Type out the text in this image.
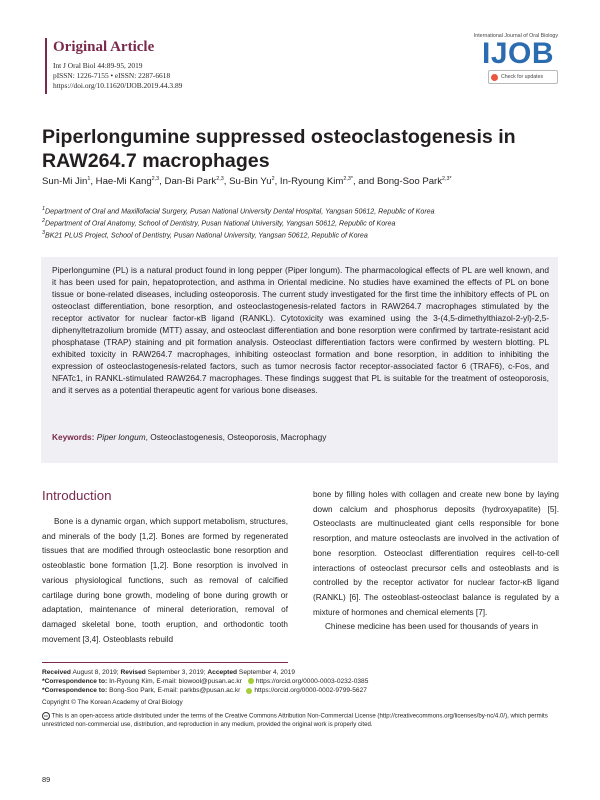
Original Article
Int J Oral Biol 44:89-95, 2019
pISSN: 1226-7155 • eISSN: 2287-6618
https://doi.org/10.11620/IJOB.2019.44.3.89
International Journal of Oral Biology
IJOB
Check for updates
Piperlongumine suppressed osteoclastogenesis in RAW264.7 macrophages
Sun-Mi Jin$^1$, Hae-Mi Kang$^{2,3}$, Dan-Bi Park$^{2,3}$, Su-Bin Yu$^2$, In-Ryoung Kim$^{2,3*}$, and Bong-Soo Park$^{2,3*}$
$^1$Department of Oral and Maxillofacial Surgery, Pusan National University Dental Hospital, Yangsan 50612, Republic of Korea
$^2$Department of Oral Anatomy, School of Dentistry, Pusan National University, Yangsan 50612, Republic of Korea
$^3$BK21 PLUS Project, School of Dentistry, Pusan National University, Yangsan 50612, Republic of Korea
Piperlongumine (PL) is a natural product found in long pepper (Piper longum). The pharmacological effects of PL are well known, and it has been used for pain, hepatoprotection, and asthma in Oriental medicine. No studies have examined the effects of PL on bone tissue or bone-related diseases, including osteoporosis. The current study investigated for the first time the inhibitory effects of PL on osteoclast differentiation, bone resorption, and osteoclastogenesis-related factors in RAW264.7 macrophages stimulated by the receptor activator for nuclear factor-κB ligand (RANKL). Cytotoxicity was examined using the 3-(4,5-dimethylthiazol-2-yl)-2,5-diphenyltetrazolium bromide (MTT) assay, and osteoclast differentiation and bone resorption were confirmed by tartrate-resistant acid phosphatase (TRAP) staining and pit formation analysis. Osteoclast differentiation factors were confirmed by western blotting. PL exhibited toxicity in RAW264.7 macrophages, inhibiting osteoclast formation and bone resorption, in addition to inhibiting the expression of osteoclastogenesis-related factors, such as tumor necrosis factor receptor-associated factor 6 (TRAF6), c-Fos, and NFATc1, in RANKL-stimulated RAW264.7 macrophages. These findings suggest that PL is suitable for the treatment of osteoporosis, and it serves as a potential therapeutic agent for various bone diseases.
Keywords: Piper longum, Osteoclastogenesis, Osteoporosis, Macrophagy
Introduction

Bone is a dynamic organ, which support metabolism, structures, and minerals of the body [1,2]. Bones are formed by regenerated tissues that are modified through osteoclastic bone resorption and osteoblastic bone formation [1,2]. Bone resorption is involved in various physiological functions, such as removal of calcified cartilage during bone growth, modeling of bone during growth or adaptation, maintenance of mineral deterioration, removal of damaged skeletal bone, tooth eruption, and orthodontic tooth movement [3,4]. Osteoblasts rebuild

bone by filling holes with collagen and create new bone by laying down calcium and phosphorus deposits (hydroxyapatite) [5]. Osteoclasts are multinucleated giant cells responsible for bone resorption, and mature osteoclasts are involved in the activation of bone resorption. Osteoclast differentiation requires cell-to-cell interactions of osteoclast precursor cells and osteoblasts and is controlled by the receptor activator for nuclear factor-κB ligand (RANKL) [6]. The osteoblast-osteoclast balance is regulated by a mixture of hormones and chemical elements [7].

Chinese medicine has been used for thousands of years in

Received August 8, 2019; Revised September 3, 2019; Accepted September 4, 2019
*Correspondence to: In-Ryoung Kim, E-mail: biowool@pusan.ac.kr https://orcid.org/0000-0003-0232-0385
*Correspondence to: Bong-Soo Park, E-mail: parkbs@pusan.ac.kr https://orcid.org/0000-0002-9799-5627
Copyright © The Korean Academy of Oral Biology
cc This is an open-access article distributed under the terms of the Creative Commons Attribution Non-Commercial License (http://creativecommons.org/licenses/by-nc/4.0/), which permits unrestricted non-commercial use, distribution, and reproduction in any medium, provided the original work is properly cited.
89
